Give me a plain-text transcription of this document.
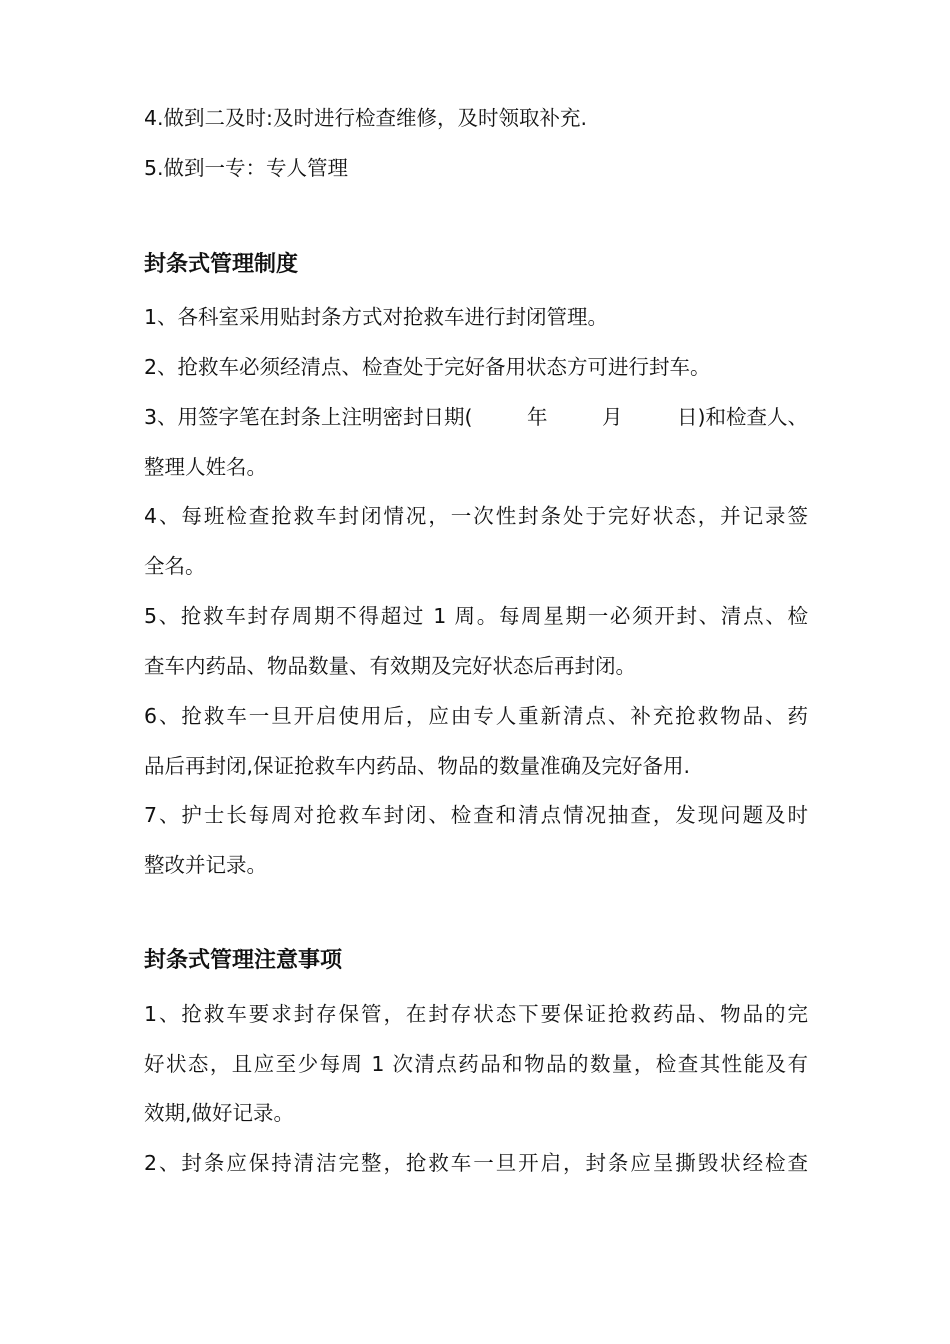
4.做到二及时:及时进行检查维修，及时领取补充.
5.做到一专：专人管理
封条式管理制度
1、各科室采用贴封条方式对抢救车进行封闭管理。
2、抢救车必须经清点、检查处于完好备用状态方可进行封车。
3、用签字笔在封条上注明密封日期(	年	月	日)和检查人、
整理人姓名。
4、每班检查抢救车封闭情况，一次性封条处于完好状态，并记录签
全名。
5、抢救车封存周期不得超过 1 周。每周星期一必须开封、清点、检
查车内药品、物品数量、有效期及完好状态后再封闭。
6、抢救车一旦开启使用后，应由专人重新清点、补充抢救物品、药
品后再封闭,保证抢救车内药品、物品的数量准确及完好备用.
7、护士长每周对抢救车封闭、检查和清点情况抽查，发现问题及时
整改并记录。
封条式管理注意事项
1、抢救车要求封存保管，在封存状态下要保证抢救药品、物品的完
好状态，且应至少每周 1 次清点药品和物品的数量，检查其性能及有
效期,做好记录。
2、封条应保持清洁完整，抢救车一旦开启，封条应呈撕毁状经检查
